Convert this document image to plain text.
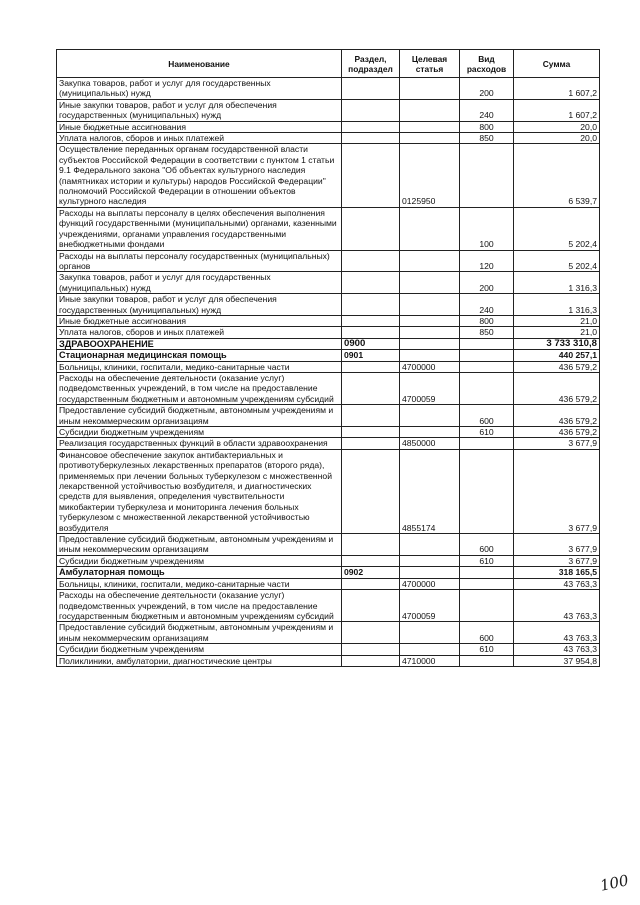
Наименование	Раздел, подраздел	Целевая статья	Вид расходов	Сумма
Закупка товаров, работ и услуг для государственных (муниципальных) нужд			200	1 607,2
Иные закупки товаров, работ и услуг для обеспечения государственных (муниципальных) нужд			240	1 607,2
Иные бюджетные ассигнования			800	20,0
Уплата налогов, сборов и иных платежей			850	20,0
Осуществление переданных органам государственной власти субъектов Российской Федерации в соответствии с пунктом 1 статьи 9.1 Федерального закона "Об объектах культурного наследия (памятниках истории и культуры) народов Российской Федерации" полномочий Российской Федерации в отношении объектов культурного наследия		0125950		6 539,7
Расходы на выплаты персоналу в целях обеспечения выполнения функций государственными (муниципальными) органами, казенными учреждениями, органами управления государственными внебюджетными фондами			100	5 202,4
Расходы на выплаты персоналу государственных (муниципальных) органов			120	5 202,4
Закупка товаров, работ и услуг для государственных (муниципальных) нужд			200	1 316,3
Иные закупки товаров, работ и услуг для обеспечения государственных (муниципальных) нужд			240	1 316,3
Иные бюджетные ассигнования			800	21,0
Уплата налогов, сборов и иных платежей			850	21,0
ЗДРАВООХРАНЕНИЕ	0900			3 733 310,8
Стационарная медицинская помощь	0901			440 257,1
Больницы, клиники, госпитали, медико-санитарные части		4700000		436 579,2
Расходы на обеспечение деятельности (оказание услуг) подведомственных учреждений, в том числе на предоставление государственным бюджетным и автономным учреждениям субсидий		4700059		436 579,2
Предоставление субсидий бюджетным, автономным учреждениям и иным некоммерческим организациям			600	436 579,2
Субсидии бюджетным учреждениям			610	436 579,2
Реализация государственных функций в области здравоохранения		4850000		3 677,9
Финансовое обеспечение закупок антибактериальных и противотуберкулезных лекарственных препаратов (второго ряда), применяемых при лечении больных туберкулезом с множественной лекарственной устойчивостью возбудителя, и диагностических средств для выявления, определения чувствительности микобактерии туберкулеза и мониторинга лечения больных туберкулезом с множественной лекарственной устойчивостью возбудителя		4855174		3 677,9
Предоставление субсидий бюджетным, автономным учреждениям и иным некоммерческим организациям			600	3 677,9
Субсидии бюджетным учреждениям			610	3 677,9
Амбулаторная помощь	0902			318 165,5
Больницы, клиники, госпитали, медико-санитарные части		4700000		43 763,3
Расходы на обеспечение деятельности (оказание услуг) подведомственных учреждений, в том числе на предоставление государственным бюджетным и автономным учреждениям субсидий		4700059		43 763,3
Предоставление субсидий бюджетным, автономным учреждениям и иным некоммерческим организациям			600	43 763,3
Субсидии бюджетным учреждениям			610	43 763,3
Поликлиники, амбулатории, диагностические центры		4710000		37 954,8
100
